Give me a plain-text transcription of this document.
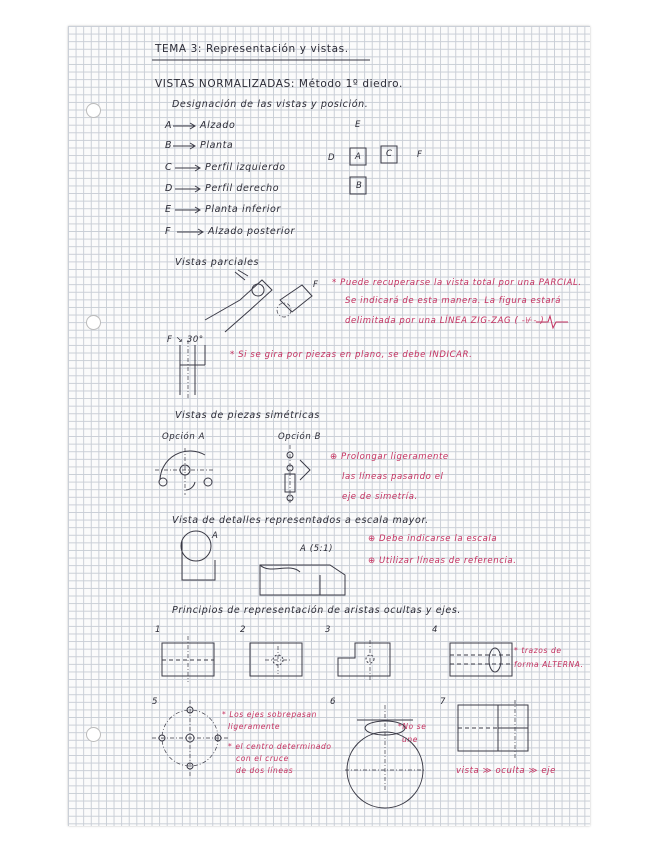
TEMA 3: Representación y vistas.
VISTAS NORMALIZADAS: Método 1º diedro.
Designación de las vistas y posición.
A	Alzado
B	Planta
C	Perfil izquierdo
D	Perfil derecho
E	Planta inferior
F	Alzado posterior
E
D A	C	F
B
Vistas parciales
F ↘ 30°
F * Puede recuperarse la vista total por una PARCIAL.
Se indicará de esta manera. La figura estará
delimitada por una LÍNEA ZIG-ZAG ( -⊬- )
* Si se gira por piezas en plano, se debe INDICAR.
Vistas de piezas simétricas
Opción A	Opción B
⊕ Prolongar ligeramente
las líneas pasando el
eje de simetría.
Vista de detalles representados a escala mayor.
A
A (5:1)
⊕ Debe indicarse la escala
⊕ Utilizar líneas de referencia.
Principios de representación de aristas ocultas y ejes.
1	2	3	4
5	6	7
* trazos de
forma ALTERNA.
* Los ejes sobrepasan
ligeramente
* el centro determinado
con el cruce
de dos líneas
*No se
une
vista ≫ oculta ≫ eje
